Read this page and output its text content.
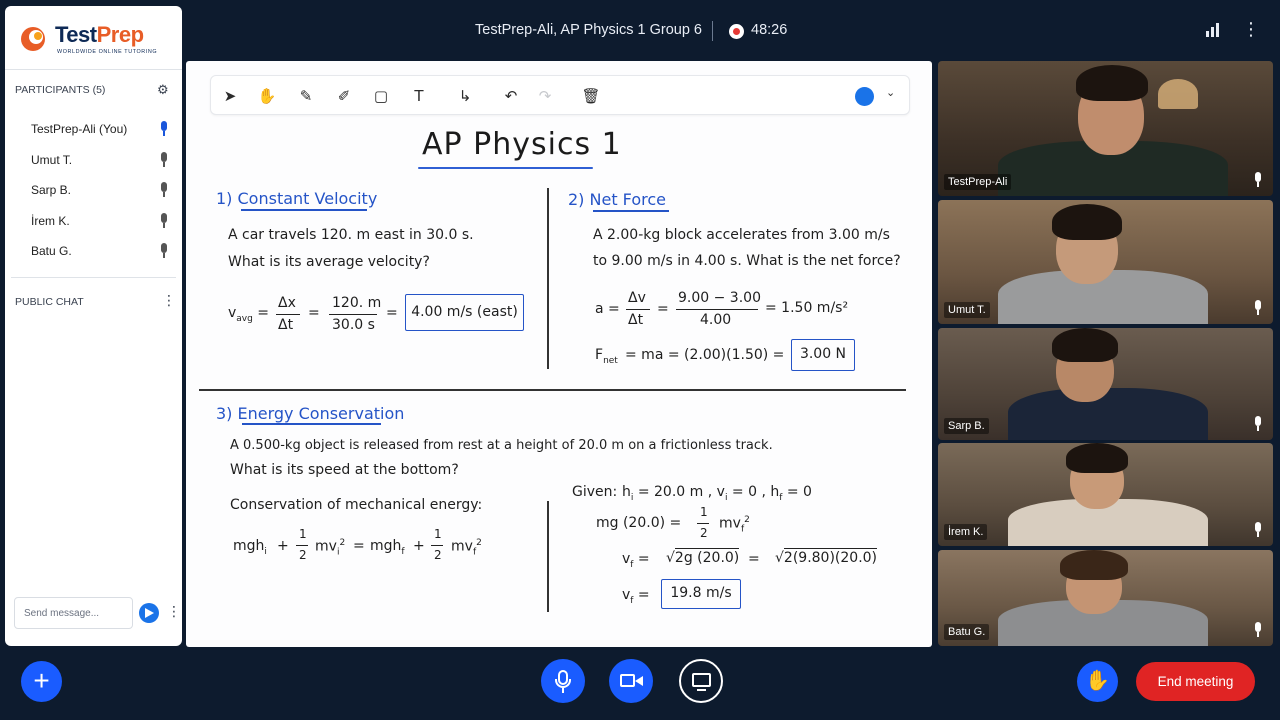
TestPrep-Ali, AP Physics 1 Group 6	48:26	⋮
TestPrep
WORLDWIDE ONLINE TUTORING
PARTICIPANTS (5)	⚙
TestPrep-Ali (You)
Umut T.
Sarp B.
İrem K.
Batu G.
PUBLIC CHAT	⋮
Send message...
⋮
➤	✋	✎	✐	▢	T	↳	↶	↷	🗑	⌄
AP Physics 1
1) Constant Velocity
A car travels 120. m east in 30.0 s.
What is its average velocity?
$v_{avg}$ =
Δx
Δt
=
120. m
30.0 s
= 4.00 m/s (east)
2) Net Force
A 2.00-kg block accelerates from 3.00 m/s
to 9.00 m/s in 4.00 s. What is the net force?
a =
Δv
Δt
=
9.00 − 3.00
4.00
= 1.50 m/s²
$F_{net}$ = ma = (2.00)(1.50) =	3.00 N
3) Energy Conservation
A 0.500-kg object is released from rest at a height of 20.0 m on a frictionless track.
What is its speed at the bottom?
Conservation of mechanical energy:
mgh$_i$ +
1
2
$mv_i^2 = mgh_f$ +
1
2
$mv_f^2$
Given: $h_i = 20.0$ m , $v_i = 0$ , $h_f = 0$
mg (20.0) =
1
2
$mv_f^2$
$v_f = √2g$ (20.0) = √2(9.80)(20.0)
$v_f$ =	19.8 m/s
TestPrep-Ali
Umut T.
Sarp B.
İrem K.
Batu G.
+	✋	End meeting
